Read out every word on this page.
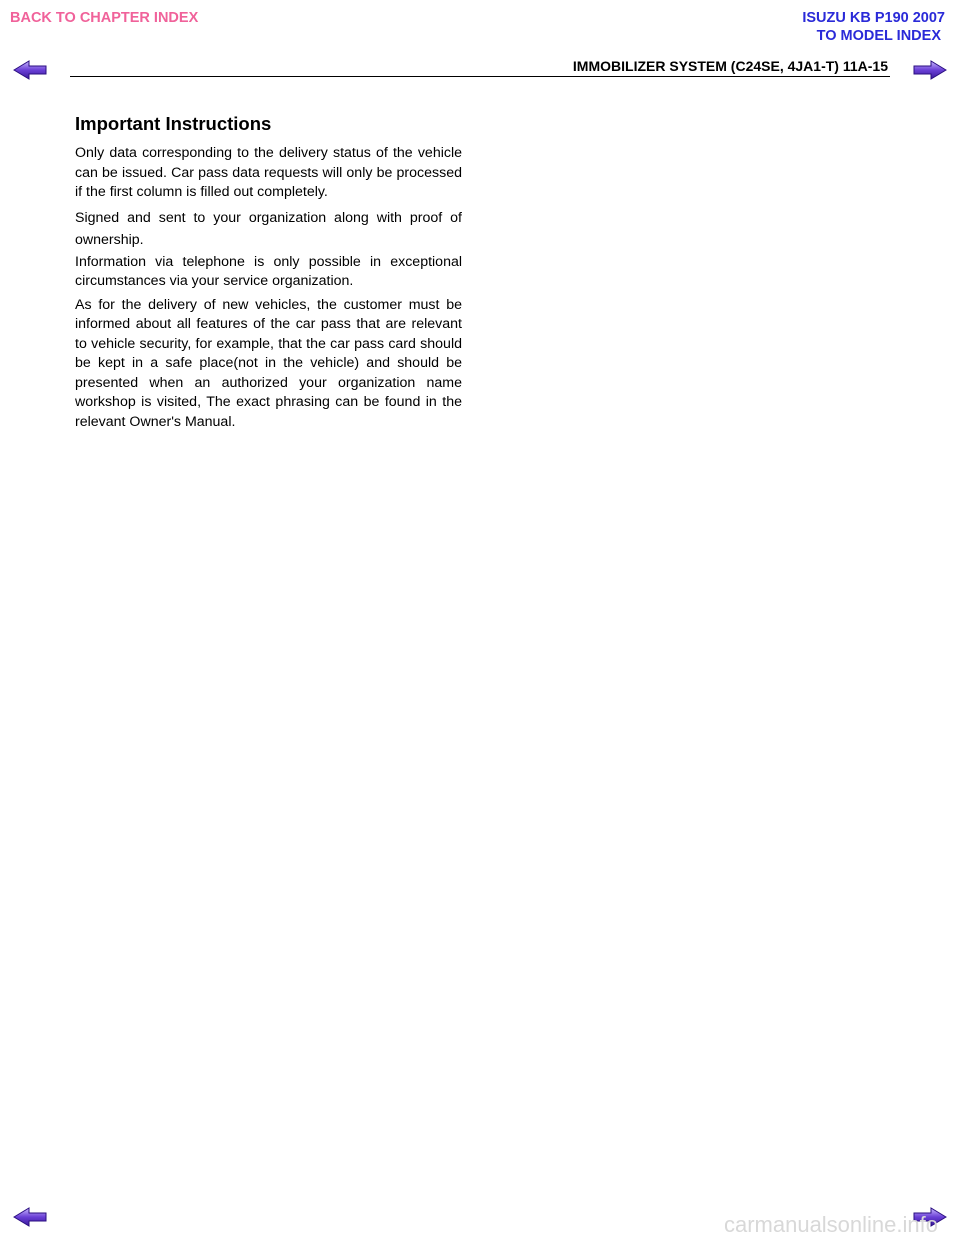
BACK TO CHAPTER INDEX	ISUZU KB P190 2007
TO MODEL INDEX
IMMOBILIZER SYSTEM (C24SE, 4JA1-T) 11A-15
Important Instructions

Only data corresponding to the delivery status of the vehicle can be issued. Car pass data requests will only be processed if the first column is filled out completely.

Signed and sent to your organization along with proof of ownership.

Information via telephone is only possible in exceptional circumstances via your service organization.

As for the delivery of new vehicles, the customer must be informed about all features of the car pass that are relevant to vehicle security, for example, that the car pass card should be kept in a safe place(not in the vehicle) and should be presented when an authorized your organization name workshop is visited, The exact phrasing can be found in the relevant Owner's Manual.

carmanualsonline.info
